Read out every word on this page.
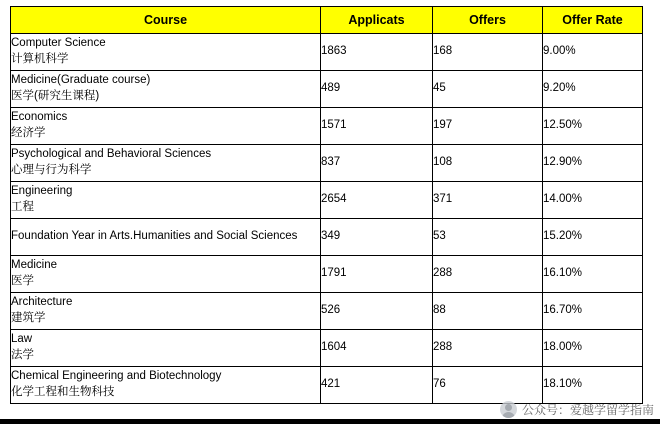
Course	Applicats	Offers	Offer Rate
Computer Science
计算机科学	1863	168	9.00%
Medicine(Graduate course)
医学(研究生课程)	489	45	9.20%
Economics
经济学	1571	197	12.50%
Psychological and Behavioral Sciences
心理与行为科学	837	108	12.90%
Engineering
工程	2654	371	14.00%
Foundation Year in Arts.Humanities and Social Sciences	349	53	15.20%
Medicine
医学	1791	288	16.10%
Architecture
建筑学	526	88	16.70%
Law
法学	1604	288	18.00%
Chemical Engineering and Biotechnology
化学工程和生物科技	421	76	18.10%
公众号：爱越学留学指南
